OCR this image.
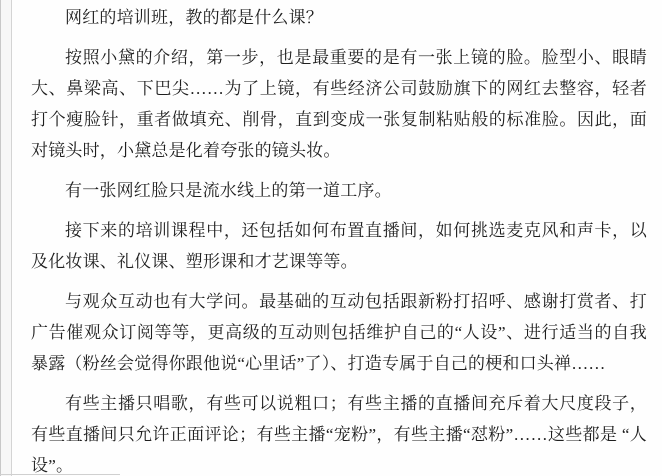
网红的培训班，教的都是什么课？

按照小黛的介绍，第一步，也是最重要的是有一张上镜的脸。脸型小、眼睛大、鼻梁高、下巴尖……为了上镜，有些经济公司鼓励旗下的网红去整容，轻者打个瘦脸针，重者做填充、削骨，直到变成一张复制粘贴般的标准脸。因此，面对镜头时，小黛总是化着夸张的镜头妆。

有一张网红脸只是流水线上的第一道工序。

接下来的培训课程中，还包括如何布置直播间，如何挑选麦克风和声卡，以及化妆课、礼仪课、塑形课和才艺课等等。

与观众互动也有大学问。最基础的互动包括跟新粉打招呼、感谢打赏者、打广告催观众订阅等等，更高级的互动则包括维护自己的“人设”、进行适当的自我暴露（粉丝会觉得你跟他说“心里话”了）、打造专属于自己的梗和口头禅……

有些主播只唱歌，有些可以说粗口；有些主播的直播间充斥着大尺度段子，有些直播间只允许正面评论；有些主播“宠粉”，有些主播“怼粉”……这些都是 “人设”。
